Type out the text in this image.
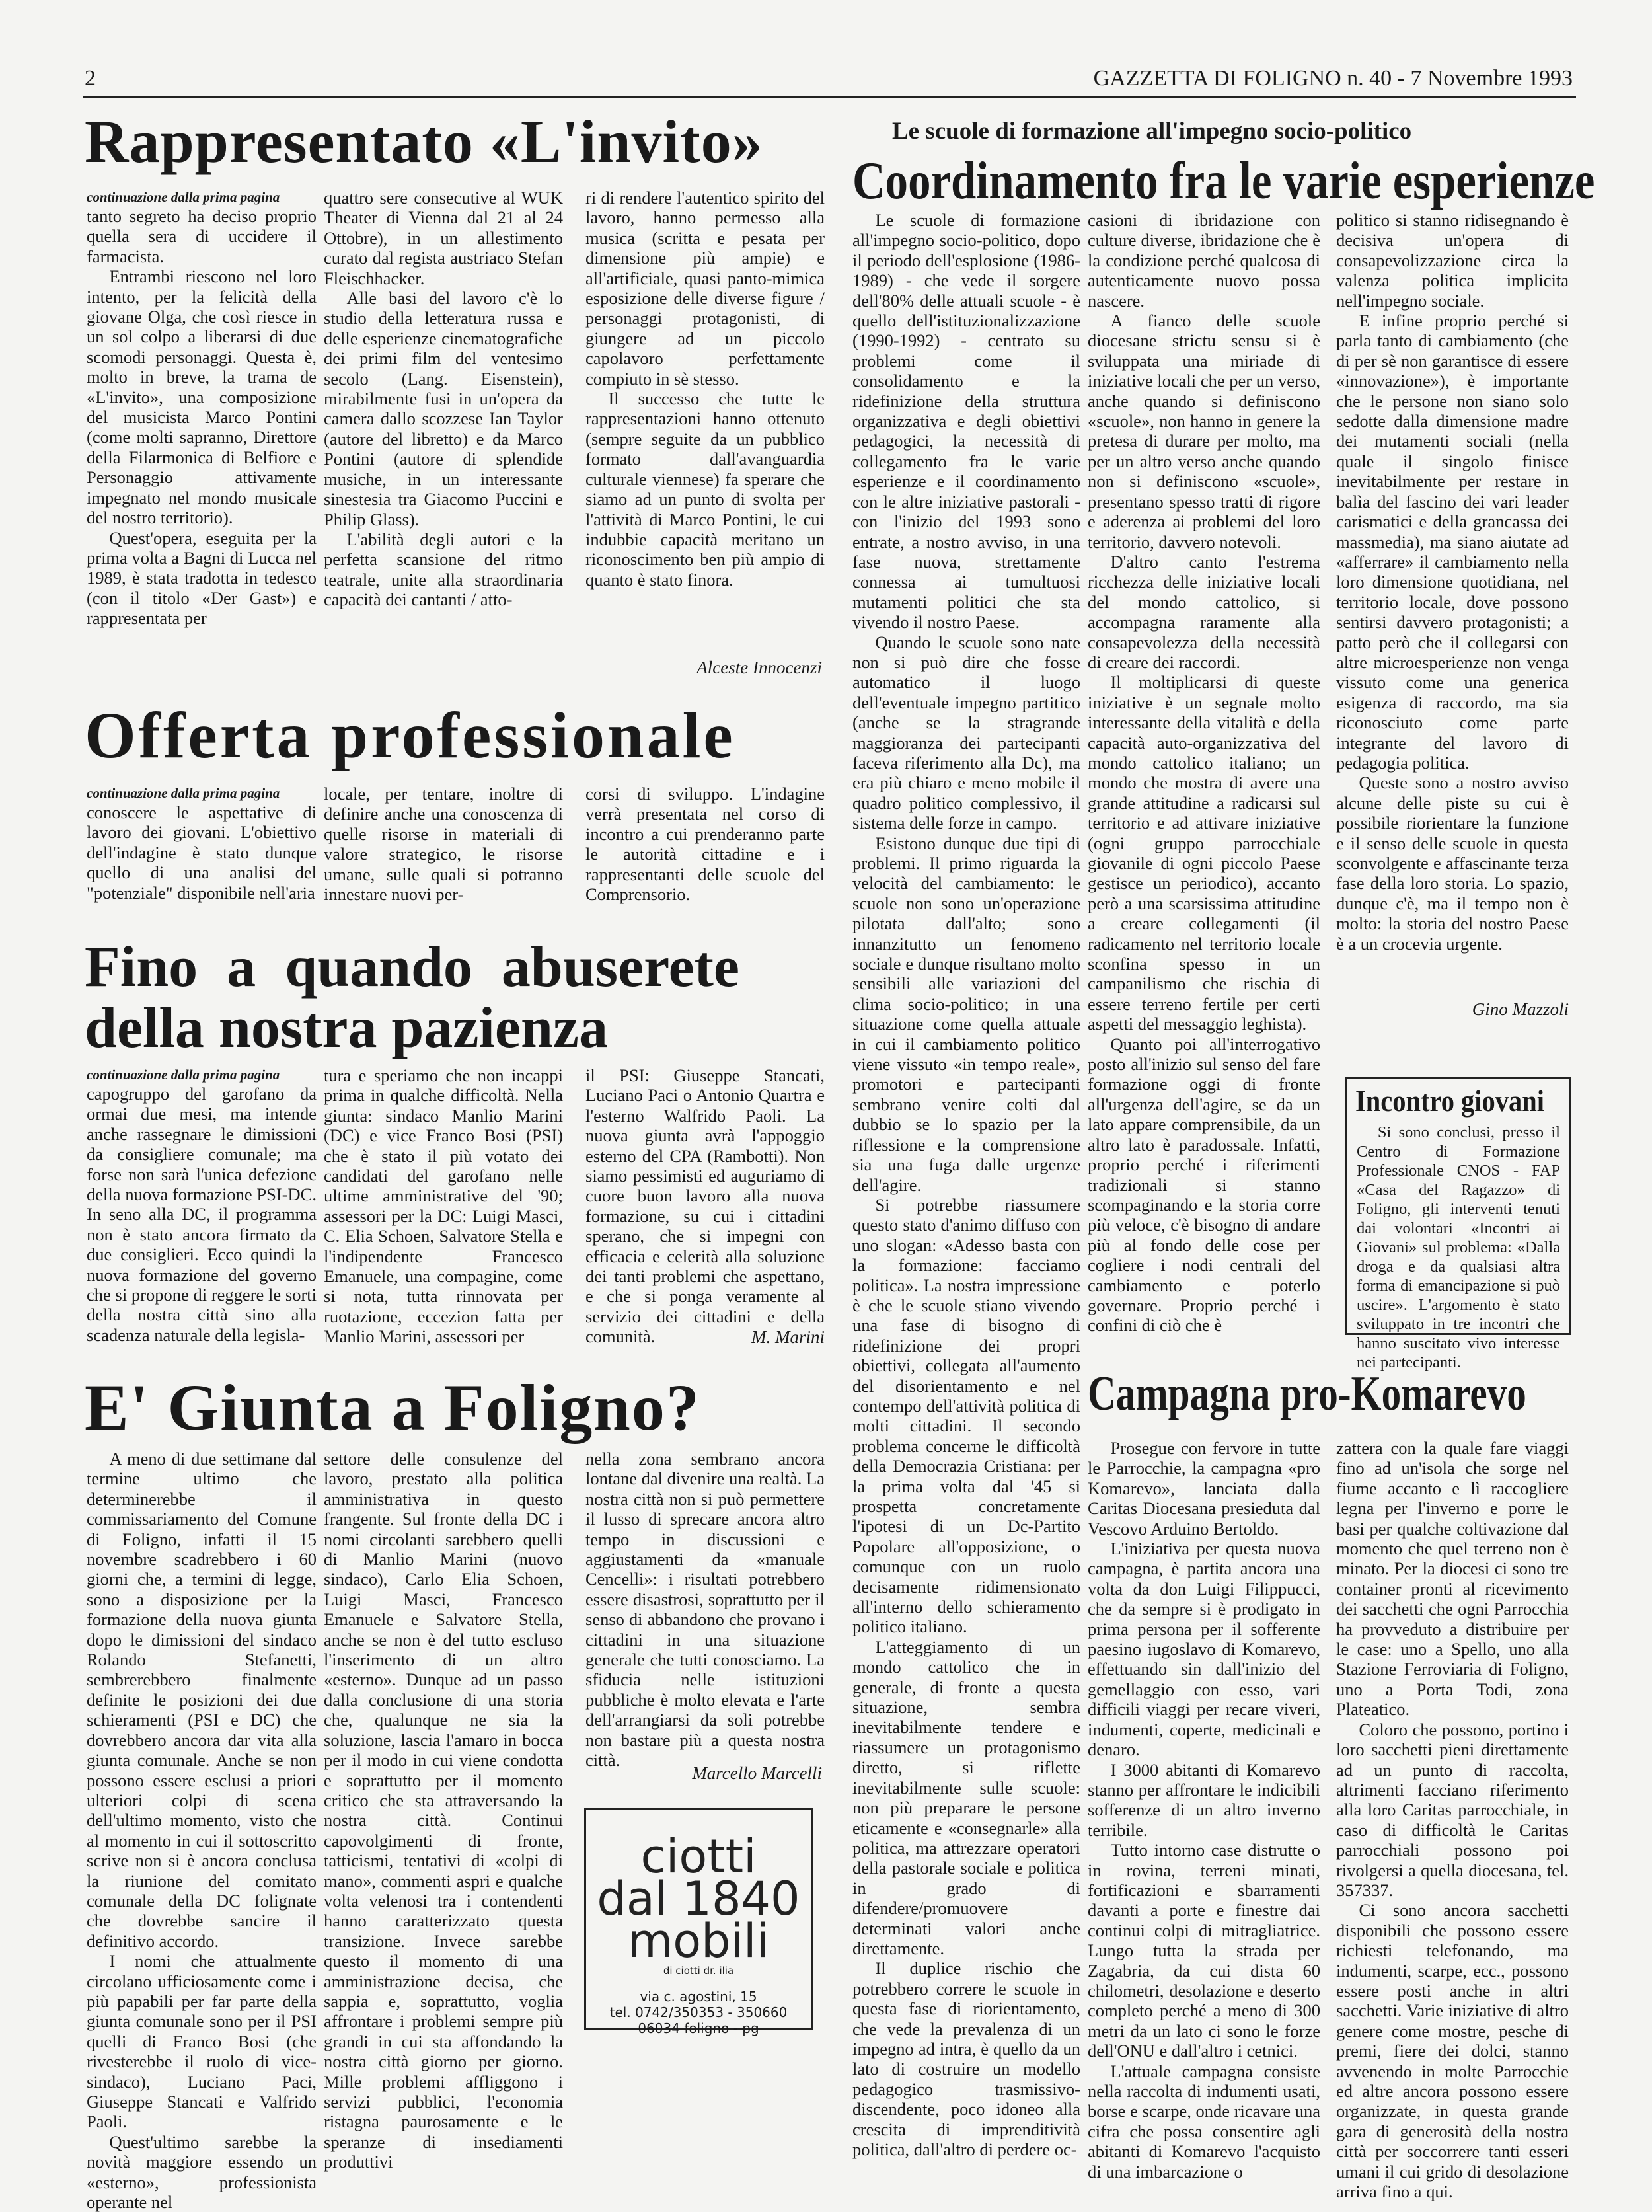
2	GAZZETTA DI FOLIGNO n. 40 - 7 Novembre 1993
Rappresentato «L'invito»
continuazione dalla prima pagina

tanto segreto ha deciso proprio quella sera di uccidere il farmacista.

Entrambi riescono nel loro intento, per la felicità della giovane Olga, che così riesce in un sol colpo a liberarsi di due scomodi personaggi. Questa è, molto in breve, la trama de «L'invito», una composizione del musicista Marco Pontini (come molti sapranno, Direttore della Filarmonica di Belfiore e Personaggio attivamente impegnato nel mondo musicale del nostro territorio).

Quest'opera, eseguita per la prima volta a Bagni di Lucca nel 1989, è stata tradotta in tedesco (con il titolo «Der Gast») e rappresentata per

quattro sere consecutive al WUK Theater di Vienna dal 21 al 24 Ottobre), in un allestimento curato dal regista austriaco Stefan Fleischhacker.

Alle basi del lavoro c'è lo studio della letteratura russa e delle esperienze cinematografiche dei primi film del ventesimo secolo (Lang. Eisenstein), mirabilmente fusi in un'opera da camera dallo scozzese Ian Taylor (autore del libretto) e da Marco Pontini (autore di splendide musiche, in un interessante sinestesia tra Giacomo Puccini e Philip Glass).

L'abilità degli autori e la perfetta scansione del ritmo teatrale, unite alla straordinaria capacità dei cantanti / atto-

ri di rendere l'autentico spirito del lavoro, hanno permesso alla musica (scritta e pesata per dimensione più ampie) e all'artificiale, quasi panto-mimica esposizione delle diverse figure / personaggi protagonisti, di giungere ad un piccolo capolavoro perfettamente compiuto in sè stesso.

Il successo che tutte le rappresentazioni hanno ottenuto (sempre seguite da un pubblico formato dall'avanguardia culturale viennese) fa sperare che siamo ad un punto di svolta per l'attività di Marco Pontini, le cui indubbie capacità meritano un riconoscimento ben più ampio di quanto è stato finora.

Alceste Innocenzi
Offerta professionale
continuazione dalla prima pagina

conoscere le aspettative di lavoro dei giovani. L'obiettivo dell'indagine è stato dunque quello di una analisi del "potenziale" disponibile nell'aria

locale, per tentare, inoltre di definire anche una conoscenza di quelle risorse in materiali di valore strategico, le risorse umane, sulle quali si potranno innestare nuovi per-

corsi di sviluppo. L'indagine verrà presentata nel corso di incontro a cui prenderanno parte le autorità cittadine e i rappresentanti delle scuole del Comprensorio.

Fino a quando abuserete
della nostra pazienza
continuazione dalla prima pagina

capogruppo del garofano da ormai due mesi, ma intende anche rassegnare le dimissioni da consigliere comunale; ma forse non sarà l'unica defezione della nuova formazione PSI-DC. In seno alla DC, il programma non è stato ancora firmato da due consiglieri. Ecco quindi la nuova formazione del governo che si propone di reggere le sorti della nostra città sino alla scadenza naturale della legisla-

tura e speriamo che non incappi prima in qualche difficoltà. Nella giunta: sindaco Manlio Marini (DC) e vice Franco Bosi (PSI) che è stato il più votato dei candidati del garofano nelle ultime amministrative del '90; assessori per la DC: Luigi Masci, C. Elia Schoen, Salvatore Stella e l'indipendente Francesco Emanuele, una compagine, come si nota, tutta rinnovata per ruotazione, eccezion fatta per Manlio Marini, assessori per

il PSI: Giuseppe Stancati, Luciano Paci o Antonio Quartra e l'esterno Walfrido Paoli. La nuova giunta avrà l'appoggio esterno del CPA (Rambotti). Non siamo pessimisti ed auguriamo di cuore buon lavoro alla nuova formazione, su cui i cittadini sperano, che si impegni con efficacia e celerità alla soluzione dei tanti problemi che aspettano, e che si ponga veramente al servizio dei cittadini e della comunità.	M. Marini
E' Giunta a Foligno?

A meno di due settimane dal termine ultimo che determinerebbe il commissariamento del Comune di Foligno, infatti il 15 novembre scadrebbero i 60 giorni che, a termini di legge, sono a disposizione per la formazione della nuova giunta dopo le dimissioni del sindaco Rolando Stefanetti, sembrerebbero finalmente definite le posizioni dei due schieramenti (PSI e DC) che dovrebbero ancora dar vita alla giunta comunale. Anche se non possono essere esclusi a priori ulteriori colpi di scena dell'ultimo momento, visto che al momento in cui il sottoscritto scrive non si è ancora conclusa la riunione del comitato comunale della DC folignate che dovrebbe sancire il definitivo accordo.

I nomi che attualmente circolano ufficiosamente come i più papabili per far parte della giunta comunale sono per il PSI quelli di Franco Bosi (che rivesterebbe il ruolo di vice-sindaco), Luciano Paci, Giuseppe Stancati e Valfrido Paoli.

Quest'ultimo sarebbe la novità maggiore essendo un «esterno», professionista operante nel

settore delle consulenze del lavoro, prestato alla politica amministrativa in questo frangente. Sul fronte della DC i nomi circolanti sarebbero quelli di Manlio Marini (nuovo sindaco), Carlo Elia Schoen, Luigi Masci, Francesco Emanuele e Salvatore Stella, anche se non è del tutto escluso l'inserimento di un altro «esterno». Dunque ad un passo dalla conclusione di una storia che, qualunque ne sia la soluzione, lascia l'amaro in bocca per il modo in cui viene condotta e soprattutto per il momento critico che sta attraversando la nostra città. Continui capovolgimenti di fronte, tatticismi, tentativi di «colpi di mano», commenti aspri e qualche volta velenosi tra i contendenti hanno caratterizzato questa transizione. Invece sarebbe questo il momento di una amministrazione decisa, che sappia e, soprattutto, voglia affrontare i problemi sempre più grandi in cui sta affondando la nostra città giorno per giorno. Mille problemi affliggono i servizi pubblici, l'economia ristagna paurosamente e le speranze di insediamenti produttivi

nella zona sembrano ancora lontane dal divenire una realtà. La nostra città non si può permettere il lusso di sprecare ancora altro tempo in discussioni e aggiustamenti da «manuale Cencelli»: i risultati potrebbero essere disastrosi, soprattutto per il senso di abbandono che provano i cittadini in una situazione generale che tutti conosciamo. La sfiducia nelle istituzioni pubbliche è molto elevata e l'arte dell'arrangiarsi da soli potrebbe non bastare più a questa nostra città.

Marcello Marcelli
ciotti
dal 1840
mobili
di ciotti dr. ilia
via c. agostini, 15
tel. 0742/350353 - 350660
06034 foligno - pg
Le scuole di formazione all'impegno socio-politico
Coordinamento fra le varie esperienze

Le scuole di formazione all'impegno socio-politico, dopo il periodo dell'esplosione (1986-1989) - che vede il sorgere dell'80% delle attuali scuole - è quello dell'istituzionalizzazione (1990-1992) - centrato su problemi come il consolidamento e la ridefinizione della struttura organizzativa e degli obiettivi pedagogici, la necessità di collegamento fra le varie esperienze e il coordinamento con le altre iniziative pastorali - con l'inizio del 1993 sono entrate, a nostro avviso, in una fase nuova, strettamente connessa ai tumultuosi mutamenti politici che sta vivendo il nostro Paese.

Quando le scuole sono nate non si può dire che fosse automatico il luogo dell'eventuale impegno partitico (anche se la stragrande maggioranza dei partecipanti faceva riferimento alla Dc), ma era più chiaro e meno mobile il quadro politico complessivo, il sistema delle forze in campo.

Esistono dunque due tipi di problemi. Il primo riguarda la velocità del cambiamento: le scuole non sono un'operazione pilotata dall'alto; sono innanzitutto un fenomeno sociale e dunque risultano molto sensibili alle variazioni del clima socio-politico; in una situazione come quella attuale in cui il cambiamento politico viene vissuto «in tempo reale», promotori e partecipanti sembrano venire colti dal dubbio se lo spazio per la riflessione e la comprensione sia una fuga dalle urgenze dell'agire.

Si potrebbe riassumere questo stato d'animo diffuso con uno slogan: «Adesso basta con la formazione: facciamo politica». La nostra impressione è che le scuole stiano vivendo una fase di bisogno di ridefinizione dei propri obiettivi, collegata all'aumento del disorientamento e nel contempo dell'attività politica di molti cittadini. Il secondo problema concerne le difficoltà della Democrazia Cristiana: per la prima volta dal '45 si prospetta concretamente l'ipotesi di un Dc-Partito Popolare all'opposizione, o comunque con un ruolo decisamente ridimensionato all'interno dello schieramento politico italiano.

L'atteggiamento di un mondo cattolico che in generale, di fronte a questa situazione, sembra inevitabilmente tendere e riassumere un protagonismo diretto, si riflette inevitabilmente sulle scuole: non più preparare le persone eticamente e «consegnarle» alla politica, ma attrezzare operatori della pastorale sociale e politica in grado di difendere/promuovere determinati valori anche direttamente.

Il duplice rischio che potrebbero correre le scuole in questa fase di riorientamento, che vede la prevalenza di un impegno ad intra, è quello da un lato di costruire un modello pedagogico trasmissivo-discendente, poco idoneo alla crescita di imprenditività politica, dall'altro di perdere oc-

casioni di ibridazione con culture diverse, ibridazione che è la condizione perché qualcosa di autenticamente nuovo possa nascere.

A fianco delle scuole diocesane strictu sensu si è sviluppata una miriade di iniziative locali che per un verso, anche quando si definiscono «scuole», non hanno in genere la pretesa di durare per molto, ma per un altro verso anche quando non si definiscono «scuole», presentano spesso tratti di rigore e aderenza ai problemi del loro territorio, davvero notevoli.

D'altro canto l'estrema ricchezza delle iniziative locali del mondo cattolico, si accompagna raramente alla consapevolezza della necessità di creare dei raccordi.

Il moltiplicarsi di queste iniziative è un segnale molto interessante della vitalità e della capacità auto-organizzativa del mondo cattolico italiano; un mondo che mostra di avere una grande attitudine a radicarsi sul territorio e ad attivare iniziative (ogni gruppo parrocchiale giovanile di ogni piccolo Paese gestisce un periodico), accanto però a una scarsissima attitudine a creare collegamenti (il radicamento nel territorio locale sconfina spesso in un campanilismo che rischia di essere terreno fertile per certi aspetti del messaggio leghista).

Quanto poi all'interrogativo posto all'inizio sul senso del fare formazione oggi di fronte all'urgenza dell'agire, se da un lato appare comprensibile, da un altro lato è paradossale. Infatti, proprio perché i riferimenti tradizionali si stanno scompaginando e la storia corre più veloce, c'è bisogno di andare più al fondo delle cose per cogliere i nodi centrali del cambiamento e poterlo governare. Proprio perché i confini di ciò che è

politico si stanno ridisegnando è decisiva un'opera di consapevolizzazione circa la valenza politica implicita nell'impegno sociale.

E infine proprio perché si parla tanto di cambiamento (che di per sè non garantisce di essere «innovazione»), è importante che le persone non siano solo sedotte dalla dimensione madre dei mutamenti sociali (nella quale il singolo finisce inevitabilmente per restare in balìa del fascino dei vari leader carismatici e della grancassa dei massmedia), ma siano aiutate ad «afferrare» il cambiamento nella loro dimensione quotidiana, nel territorio locale, dove possono sentirsi davvero protagonisti; a patto però che il collegarsi con altre microesperienze non venga vissuto come una generica esigenza di raccordo, ma sia riconosciuto come parte integrante del lavoro di pedagogia politica.

Queste sono a nostro avviso alcune delle piste su cui è possibile riorientare la funzione e il senso delle scuole in questa sconvolgente e affascinante terza fase della loro storia. Lo spazio, dunque c'è, ma il tempo non è molto: la storia del nostro Paese è a un crocevia urgente.

Gino Mazzoli
Incontro giovani

Si sono conclusi, presso il Centro di Formazione Professionale CNOS - FAP «Casa del Ragazzo» di Foligno, gli interventi tenuti dai volontari «Incontri ai Giovani» sul problema: «Dalla droga e da qualsiasi altra forma di emancipazione si può uscire». L'argomento è stato sviluppato in tre incontri che hanno suscitato vivo interesse nei partecipanti.

Campagna pro-Komarevo

Prosegue con fervore in tutte le Parrocchie, la campagna «pro Komarevo», lanciata dalla Caritas Diocesana presieduta dal Vescovo Arduino Bertoldo.

L'iniziativa per questa nuova campagna, è partita ancora una volta da don Luigi Filippucci, che da sempre si è prodigato in prima persona per il sofferente paesino iugoslavo di Komarevo, effettuando sin dall'inizio del gemellaggio con esso, vari difficili viaggi per recare viveri, indumenti, coperte, medicinali e denaro.

I 3000 abitanti di Komarevo stanno per affrontare le indicibili sofferenze di un altro inverno terribile.

Tutto intorno case distrutte o in rovina, terreni minati, fortificazioni e sbarramenti davanti a porte e finestre dai continui colpi di mitragliatrice. Lungo tutta la strada per Zagabria, da cui dista 60 chilometri, desolazione e deserto completo perché a meno di 300 metri da un lato ci sono le forze dell'ONU e dall'altro i cetnici.

L'attuale campagna consiste nella raccolta di indumenti usati, borse e scarpe, onde ricavare una cifra che possa consentire agli abitanti di Komarevo l'acquisto di una imbarcazione o

zattera con la quale fare viaggi fino ad un'isola che sorge nel fiume accanto e lì raccogliere legna per l'inverno e porre le basi per qualche coltivazione dal momento che quel terreno non è minato. Per la diocesi ci sono tre container pronti al ricevimento dei sacchetti che ogni Parrocchia ha provveduto a distribuire per le case: uno a Spello, uno alla Stazione Ferroviaria di Foligno, uno a Porta Todi, zona Plateatico.

Coloro che possono, portino i loro sacchetti pieni direttamente ad un punto di raccolta, altrimenti facciano riferimento alla loro Caritas parrocchiale, in caso di difficoltà le Caritas parrocchiali possono poi rivolgersi a quella diocesana, tel. 357337.

Ci sono ancora sacchetti disponibili che possono essere richiesti telefonando, ma indumenti, scarpe, ecc., possono essere posti anche in altri sacchetti. Varie iniziative di altro genere come mostre, pesche di premi, fiere dei dolci, stanno avvenendo in molte Parrocchie ed altre ancora possono essere organizzate, in questa grande gara di generosità della nostra città per soccorrere tanti esseri umani il cui grido di desolazione arriva fino a qui.
